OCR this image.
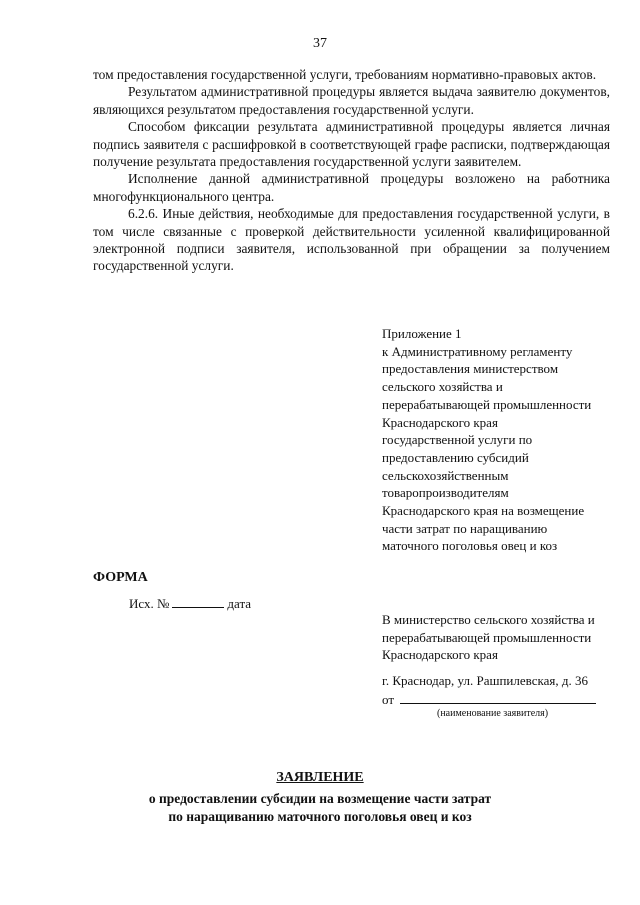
37

том предоставления государственной услуги, требованиям нормативно-правовых актов.

Результатом административной процедуры является выдача заявителю документов, являющихся результатом предоставления государственной услуги.

Способом фиксации результата административной процедуры является личная подпись заявителя с расшифровкой в соответствующей графе расписки, подтверждающая получение результата предоставления государственной услуги заявителем.

Исполнение данной административной процедуры возложено на работника многофункционального центра.

6.2.6. Иные действия, необходимые для предоставления государственной услуги, в том числе связанные с проверкой действительности усиленной квалифицированной электронной подписи заявителя, использованной при обращении за получением государственной услуги.

Приложение 1
к Административному регламенту
предоставления министерством
сельского хозяйства и
перерабатывающей промышленности
Краснодарского края
государственной услуги по
предоставлению субсидий
сельскохозяйственным
товаропроизводителям
Краснодарского края на возмещение
части затрат по наращиванию
маточного поголовья овец и коз
ФОРМА
Исх. №	дата
В министерство сельского хозяйства и
перерабатывающей промышленности
Краснодарского края
г. Краснодар, ул. Рашпилевская, д. 36
от
(наименование заявителя)
ЗАЯВЛЕНИЕ
о предоставлении субсидии на возмещение части затрат
по наращиванию маточного поголовья овец и коз
